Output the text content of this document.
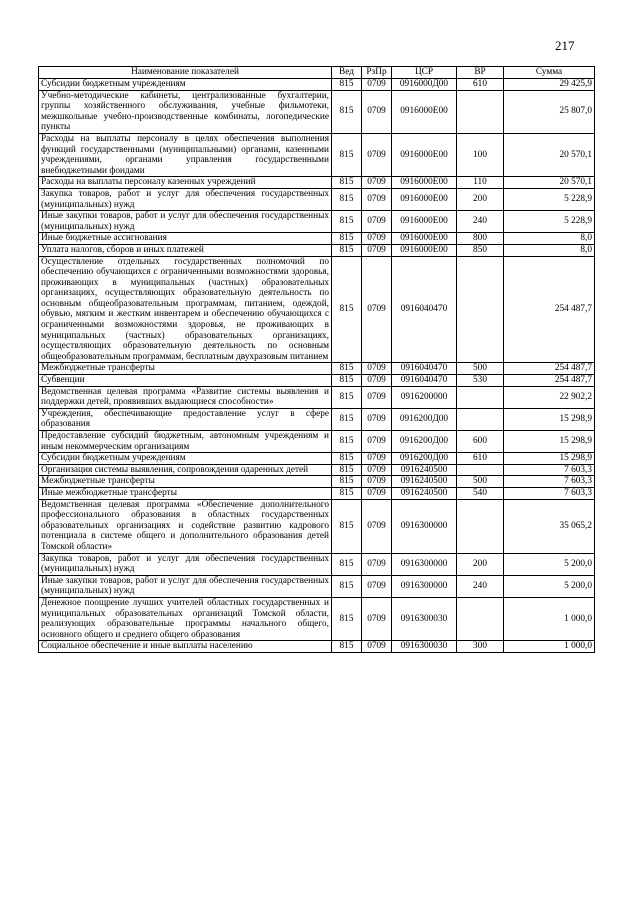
217
Наименование показателей	Вед	РзПр	ЦСР	ВР	Сумма
Субсидии бюджетным учреждениям	815	0709	0916000Д00	610	29 425,9
Учебно-методические кабинеты, централизованные бухгалтерии, группы хозяйственного обслуживания, учебные фильмотеки, межшкольные учебно-производственные комбинаты, логопедические пункты	815	0709	0916000Е00		25 807,0
Расходы на выплаты персоналу в целях обеспечения выполнения функций государственными (муниципальными) органами, казенными учреждениями, органами управления государственными внебюджетными фондами	815	0709	0916000Е00	100	20 570,1
Расходы на выплаты персоналу казенных учреждений	815	0709	0916000Е00	110	20 570,1
Закупка товаров, работ и услуг для обеспечения государственных (муниципальных) нужд	815	0709	0916000Е00	200	5 228,9
Иные закупки товаров, работ и услуг для обеспечения государственных (муниципальных) нужд	815	0709	0916000Е00	240	5 228,9
Иные бюджетные ассигнования	815	0709	0916000Е00	800	8,0
Уплата налогов, сборов и иных платежей	815	0709	0916000Е00	850	8,0
Осуществление отдельных государственных полномочий по обеспечению обучающихся с ограниченными возможностями здоровья, проживающих в муниципальных (частных) образовательных организациях, осуществляющих образовательную деятельность по основным общеобразовательным программам, питанием, одеждой, обувью, мягким и жестким инвентарем и обеспечению обучающихся с ограниченными возможностями здоровья, не проживающих в муниципальных (частных) образовательных организациях, осуществляющих образовательную деятельность по основным общеобразовательным программам, бесплатным двухразовым питанием	815	0709	0916040470		254 487,7
Межбюджетные трансферты	815	0709	0916040470	500	254 487,7
Субвенции	815	0709	0916040470	530	254 487,7
Ведомственная целевая программа «Развитие системы выявления и поддержки детей, проявивших выдающиеся способности»	815	0709	0916200000		22 902,2
Учреждения, обеспечивающие предоставление услуг в сфере образования	815	0709	0916200Д00		15 298,9
Предоставление субсидий бюджетным, автономным учреждениям и иным некоммерческим организациям	815	0709	0916200Д00	600	15 298,9
Субсидии бюджетным учреждениям	815	0709	0916200Д00	610	15 298,9
Организация системы выявления, сопровождения одаренных детей	815	0709	0916240500		7 603,3
Межбюджетные трансферты	815	0709	0916240500	500	7 603,3
Иные межбюджетные трансферты	815	0709	0916240500	540	7 603,3
Ведомственная целевая программа «Обеспечение дополнительного профессионального образования в областных государственных образовательных организациях и содействие развитию кадрового потенциала в системе общего и дополнительного образования детей Томской области»	815	0709	0916300000		35 065,2
Закупка товаров, работ и услуг для обеспечения государственных (муниципальных) нужд	815	0709	0916300000	200	5 200,0
Иные закупки товаров, работ и услуг для обеспечения государственных (муниципальных) нужд	815	0709	0916300000	240	5 200,0
Денежное поощрение лучших учителей областных государственных и муниципальных образовательных организаций Томской области, реализующих образовательные программы начального общего, основного общего и среднего общего образования	815	0709	0916300030		1 000,0
Социальное обеспечение и иные выплаты населению	815	0709	0916300030	300	1 000,0
